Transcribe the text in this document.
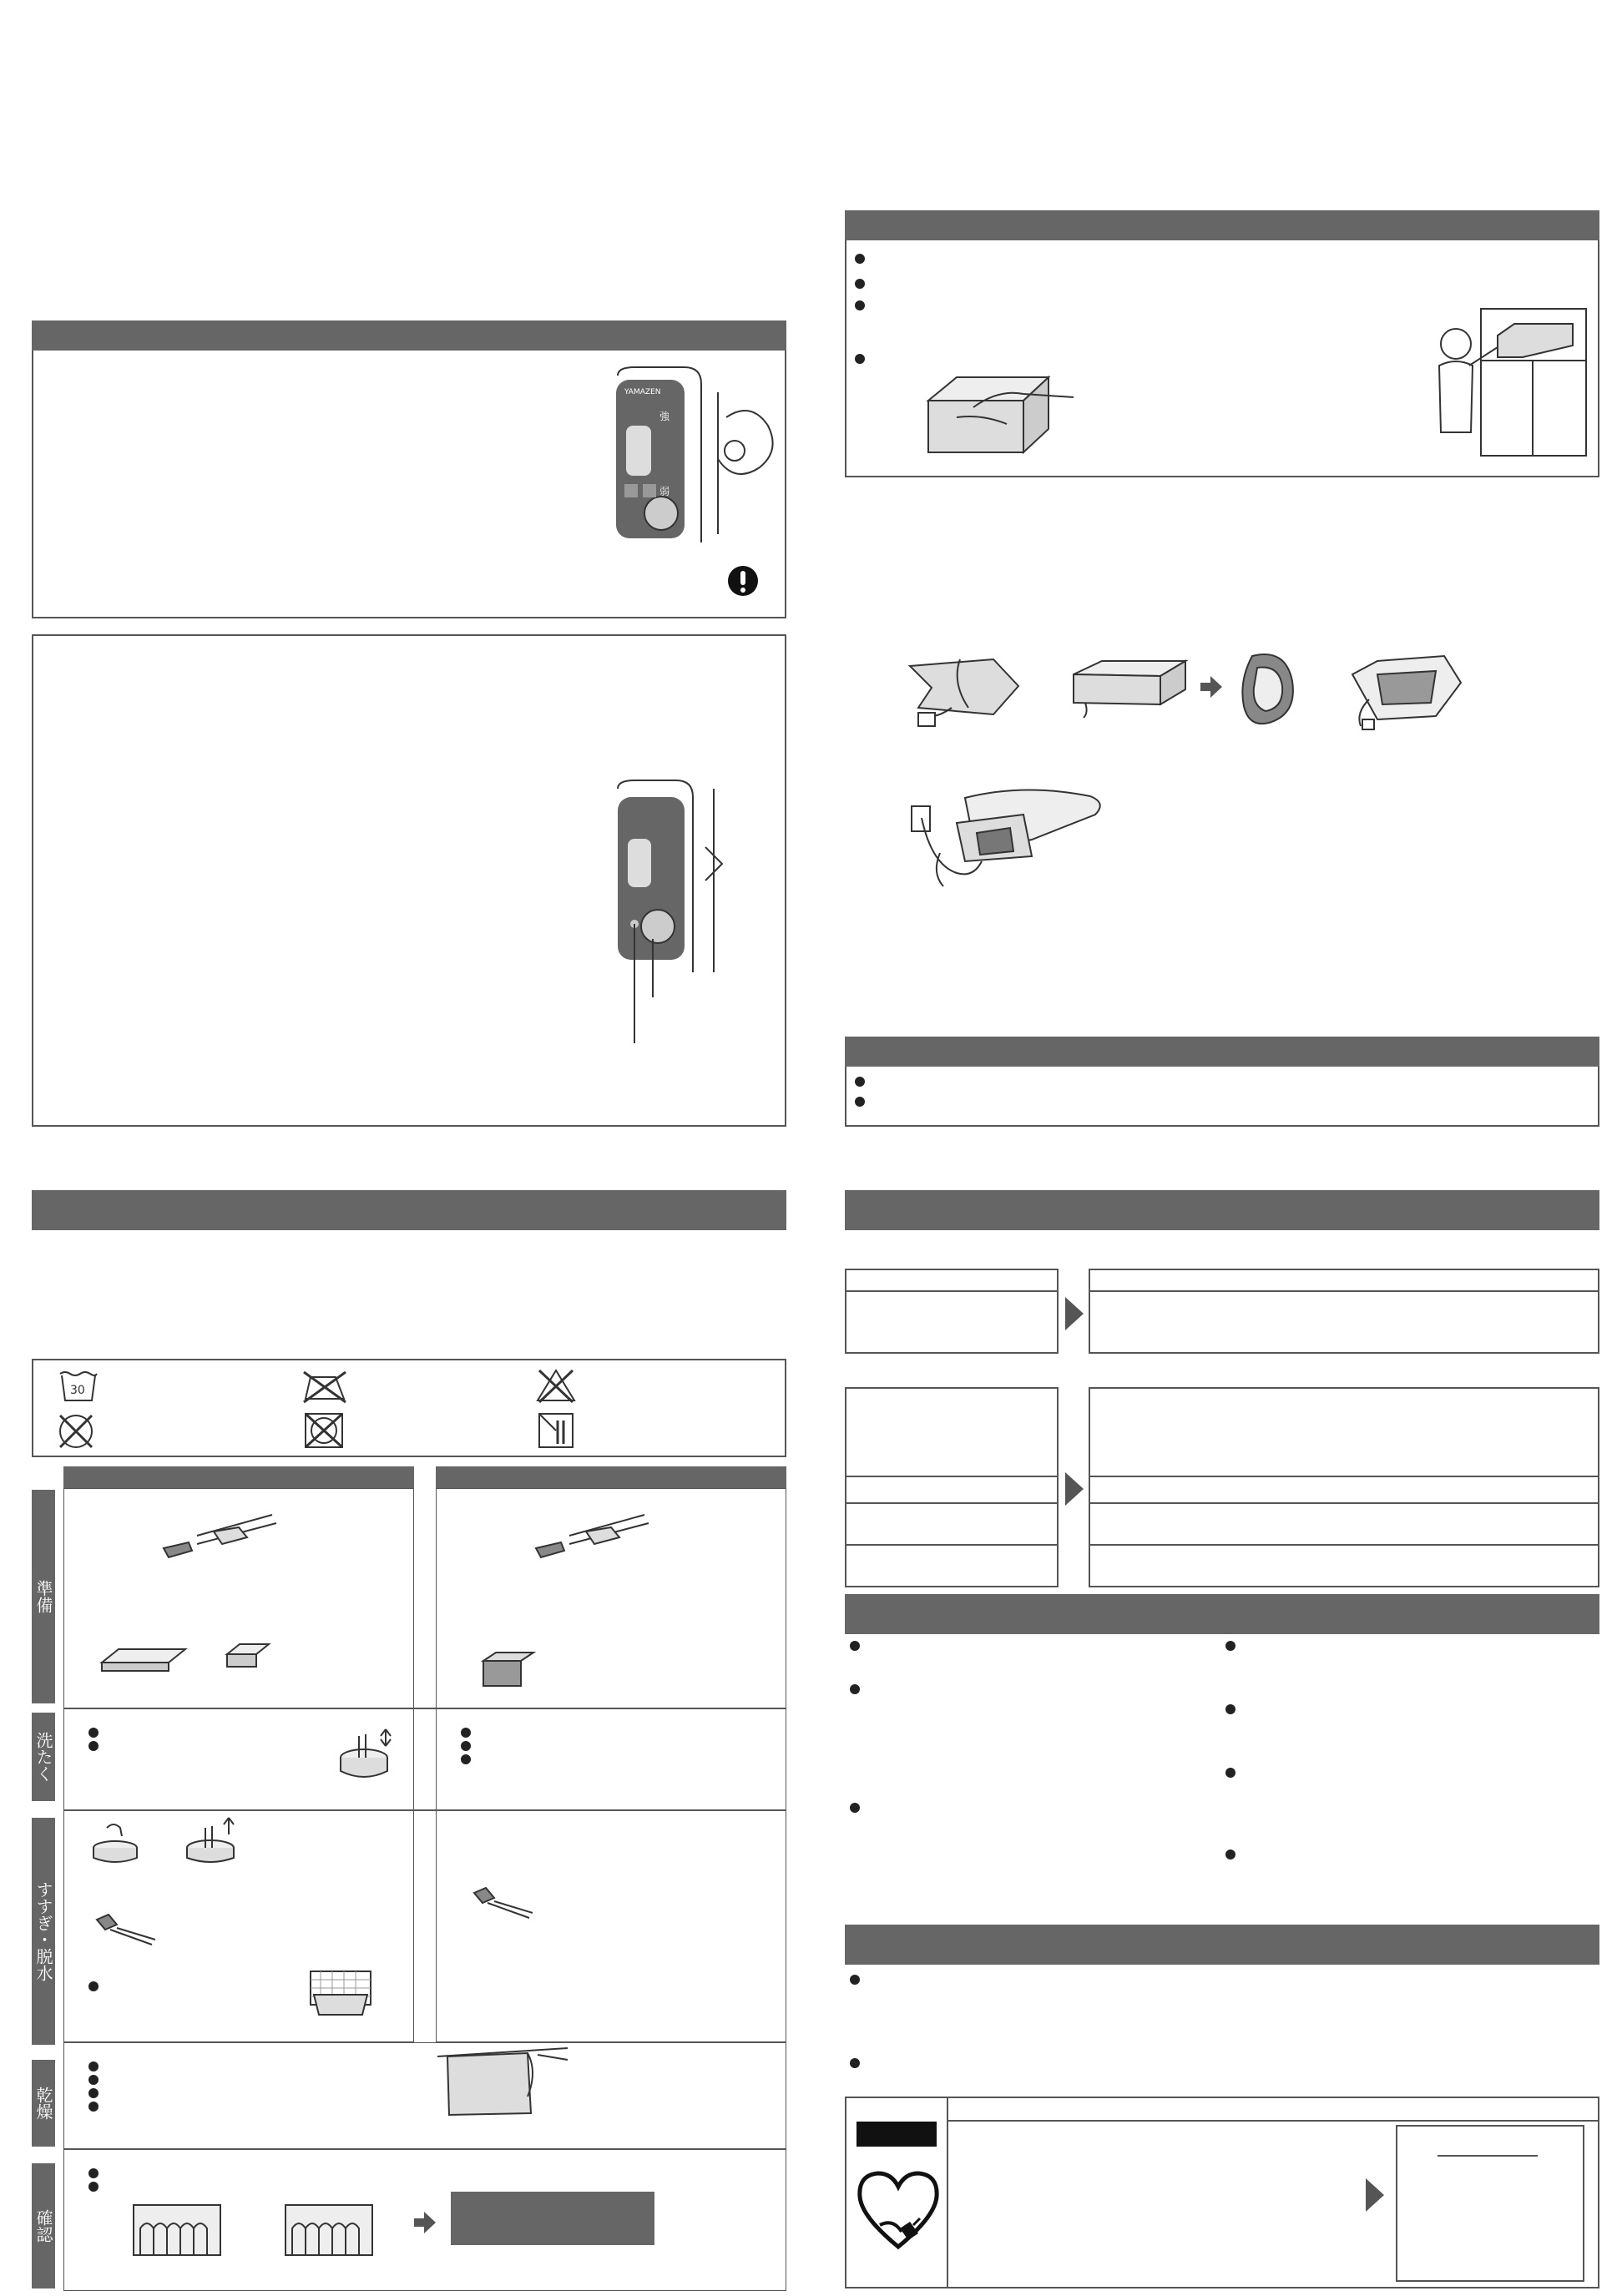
YAMAZEN
強
弱
30
準備
洗たく
すすぎ・脱水
乾燥
確認
